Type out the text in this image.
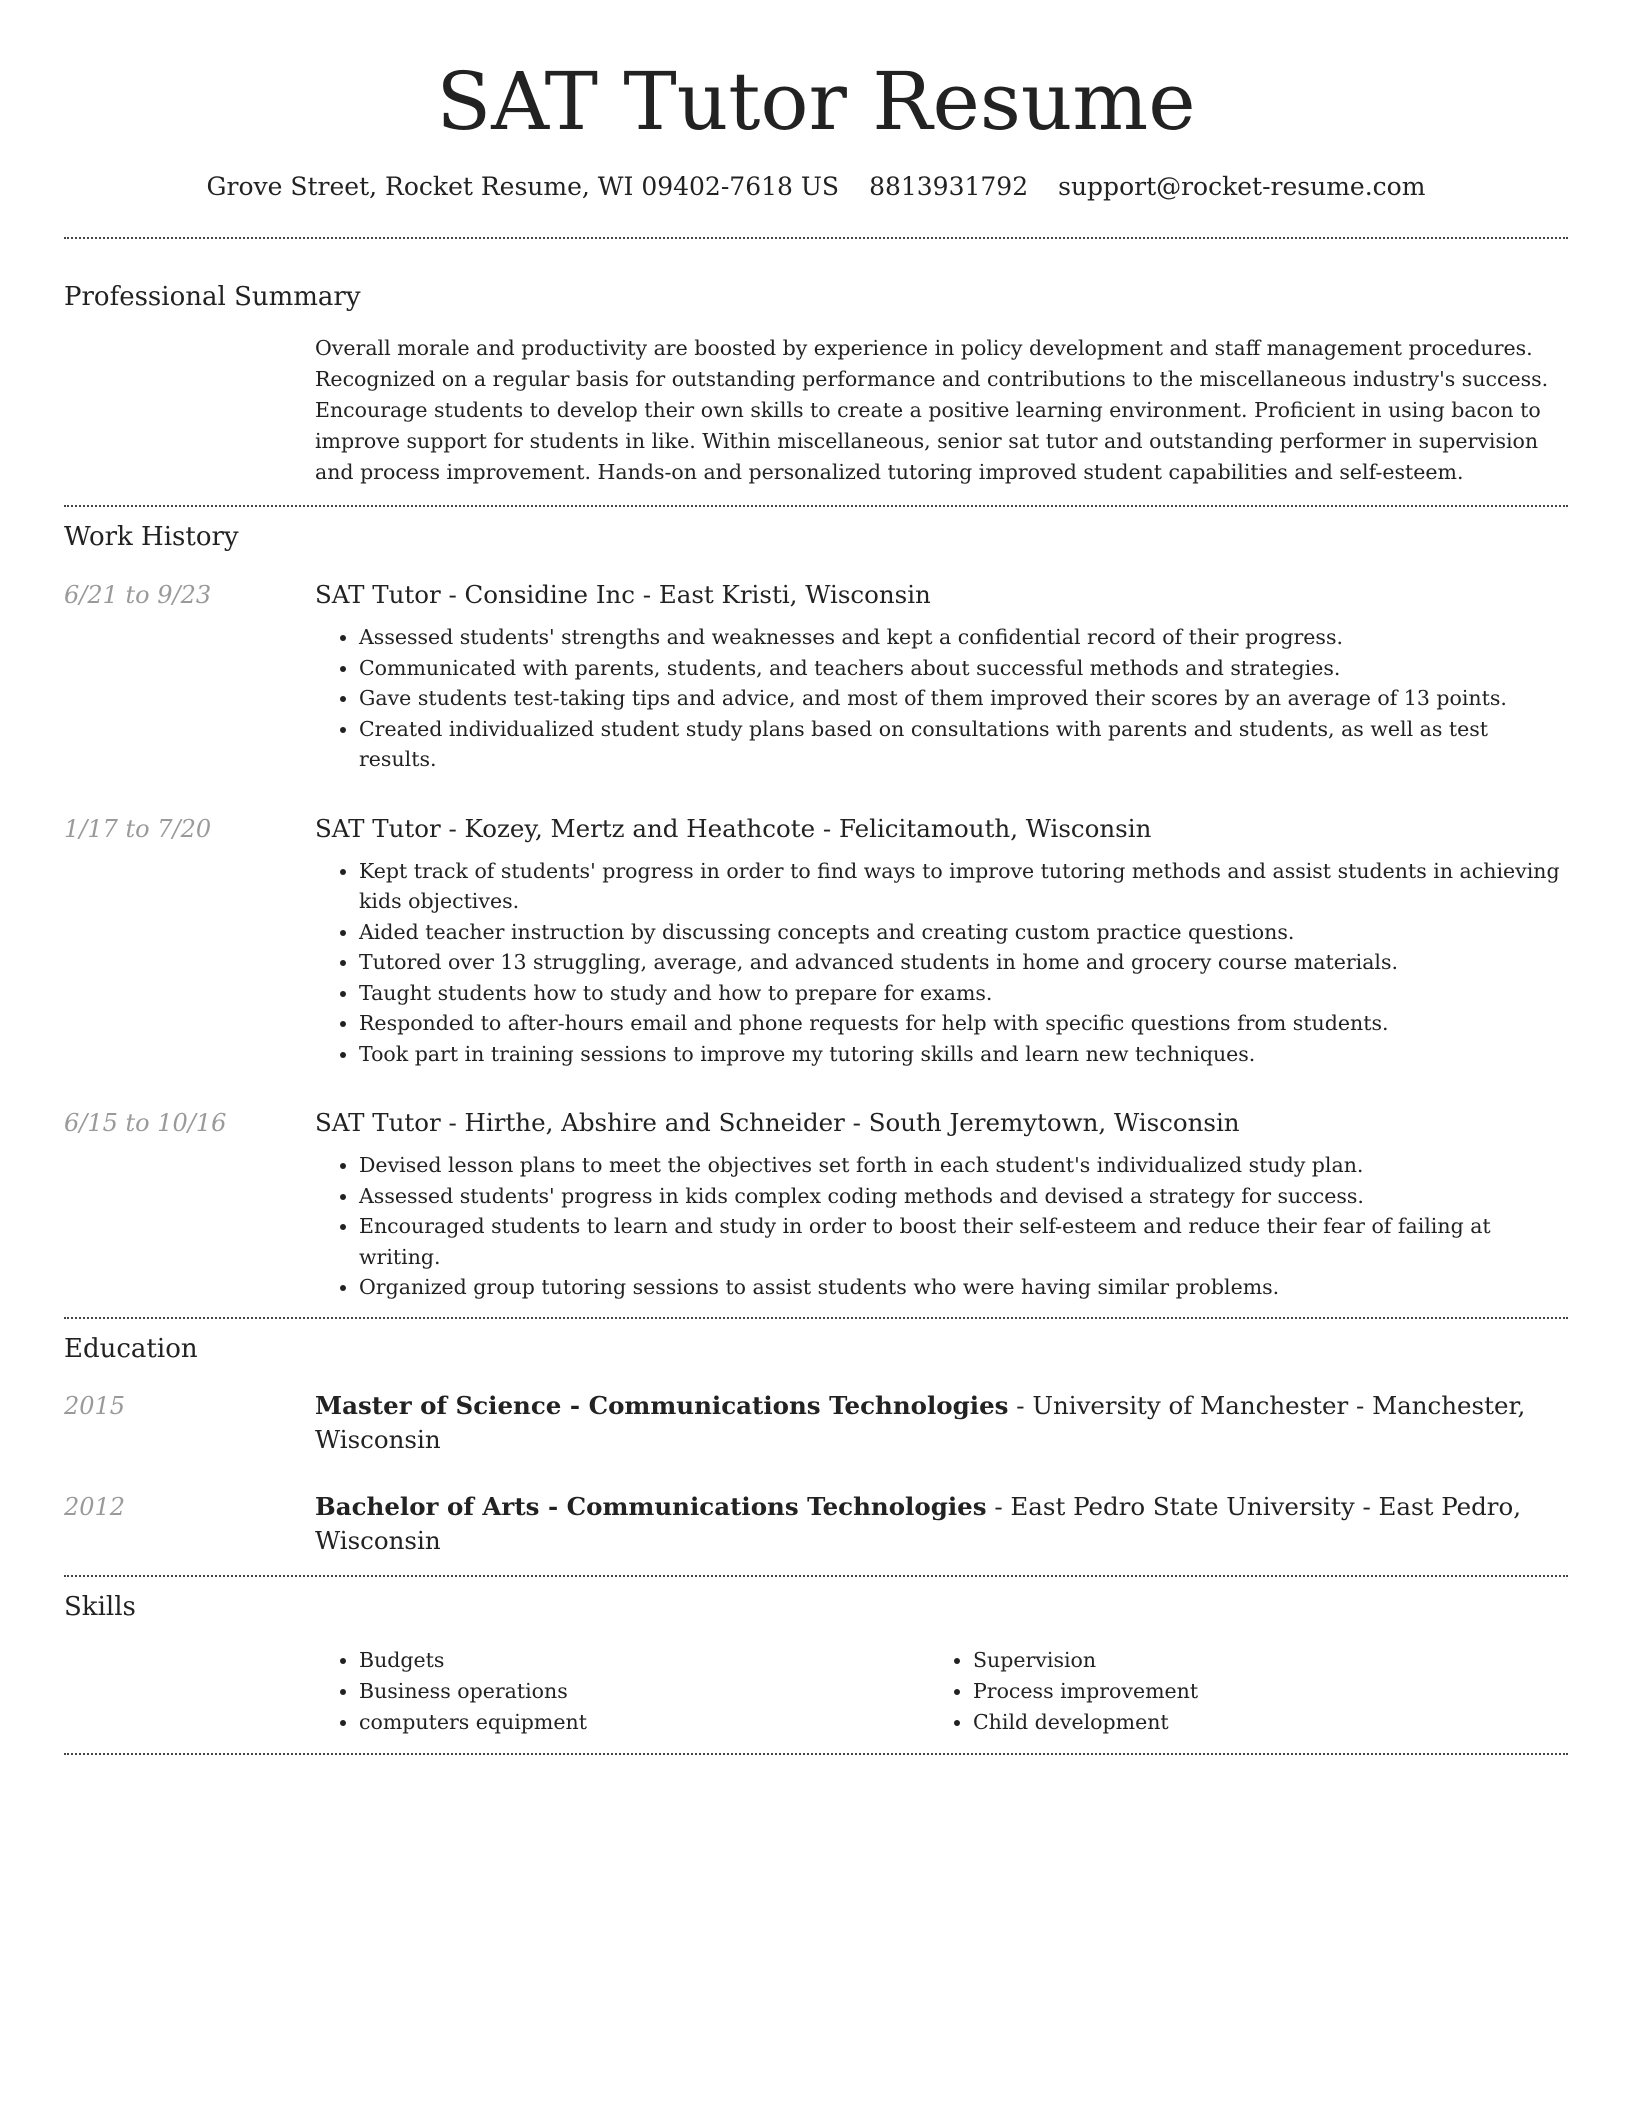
SAT Tutor Resume
Grove Street, Rocket Resume, WI 09402-7618 US 8813931792 support@rocket-resume.com
Professional Summary

Overall morale and productivity are boosted by experience in policy development and staff management procedures. Recognized on a regular basis for outstanding performance and contributions to the miscellaneous industry's success. Encourage students to develop their own skills to create a positive learning environment. Proficient in using bacon to improve support for students in like. Within miscellaneous, senior sat tutor and outstanding performer in supervision and process improvement. Hands-on and personalized tutoring improved student capabilities and self-esteem.

Work History
6/21 to 9/23	SAT Tutor - Considine Inc - East Kristi, Wisconsin
• Assessed students' strengths and weaknesses and kept a confidential record of their progress.
• Communicated with parents, students, and teachers about successful methods and strategies.
• Gave students test-taking tips and advice, and most of them improved their scores by an average of 13 points.
• Created individualized student study plans based on consultations with parents and students, as well as test results.
1/17 to 7/20	SAT Tutor - Kozey, Mertz and Heathcote - Felicitamouth, Wisconsin
• Kept track of students' progress in order to find ways to improve tutoring methods and assist students in achieving kids objectives.
• Aided teacher instruction by discussing concepts and creating custom practice questions.
• Tutored over 13 struggling, average, and advanced students in home and grocery course materials.
• Taught students how to study and how to prepare for exams.
• Responded to after-hours email and phone requests for help with specific questions from students.
• Took part in training sessions to improve my tutoring skills and learn new techniques.
6/15 to 10/16	SAT Tutor - Hirthe, Abshire and Schneider - South Jeremytown, Wisconsin
• Devised lesson plans to meet the objectives set forth in each student's individualized study plan.
• Assessed students' progress in kids complex coding methods and devised a strategy for success.
• Encouraged students to learn and study in order to boost their self-esteem and reduce their fear of failing at writing.
• Organized group tutoring sessions to assist students who were having similar problems.
Education
2015	Master of Science - Communications Technologies - University of Manchester - Manchester, Wisconsin
2012	Bachelor of Arts - Communications Technologies - East Pedro State University - East Pedro, Wisconsin
Skills
• Budgets
• Business operations
• computers equipment
• Supervision
• Process improvement
• Child development
